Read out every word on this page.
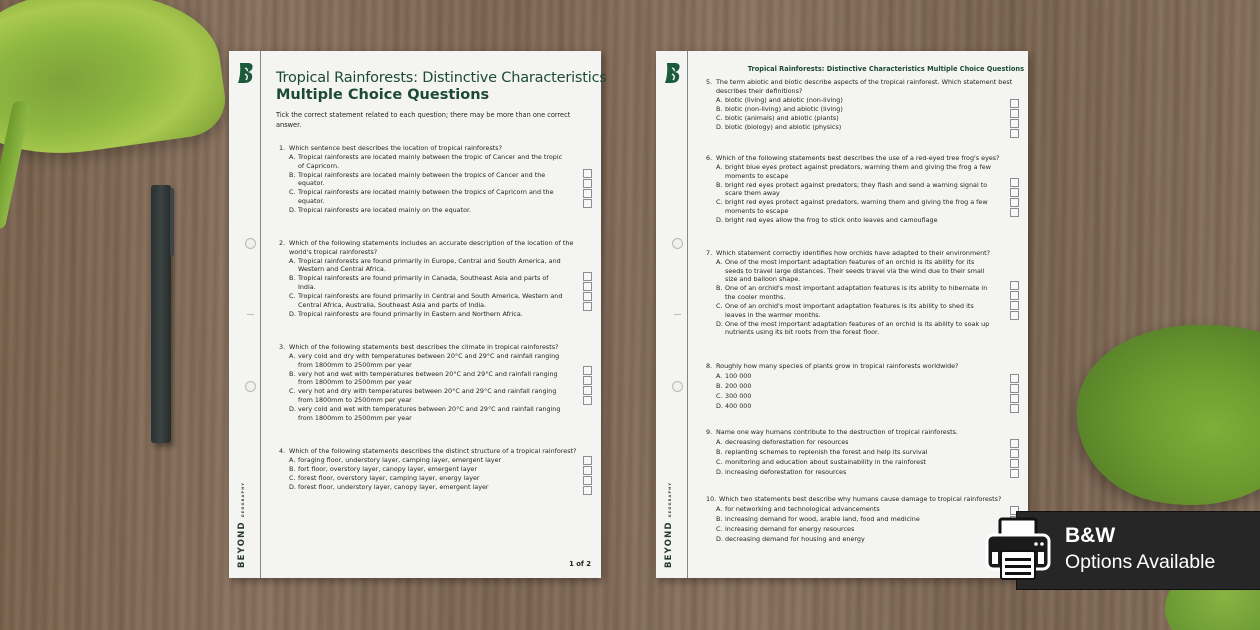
BEYONDGEOGRAPHY
Tropical Rainforests: Distinctive Characteristics
Multiple Choice Questions
Tick the correct statement related to each question; there may be more than one correct answer.
1. Which sentence best describes the location of tropical rainforests?
A. Tropical rainforests are located mainly between the tropic of Cancer and the tropic of Capricorn.
B. Tropical rainforests are located mainly between the tropics of Cancer and the equator.
C. Tropical rainforests are located mainly between the tropics of Capricorn and the equator.
D. Tropical rainforests are located mainly on the equator.
2. Which of the following statements includes an accurate description of the location of the world's tropical rainforests?
A. Tropical rainforests are found primarily in Europe, Central and South America, and Western and Central Africa.
B. Tropical rainforests are found primarily in Canada, Southeast Asia and parts of India.
C. Tropical rainforests are found primarily in Central and South America, Western and Central Africa, Australia, Southeast Asia and parts of India.
D. Tropical rainforests are found primarily in Eastern and Northern Africa.
3. Which of the following statements best describes the climate in tropical rainforests?
A. very cold and dry with temperatures between 20°C and 29°C and rainfall ranging from 1800mm to 2500mm per year
B. very hot and wet with temperatures between 20°C and 29°C and rainfall ranging from 1800mm to 2500mm per year
C. very hot and dry with temperatures between 20°C and 29°C and rainfall ranging from 1800mm to 2500mm per year
D. very cold and wet with temperatures between 20°C and 29°C and rainfall ranging from 1800mm to 2500mm per year
4. Which of the following statements describes the distinct structure of a tropical rainforest?
A. foraging floor, understory layer, camping layer, emergent layer
B. fort floor, overstory layer, canopy layer, emergent layer
C. forest floor, overstory layer, camping layer, energy layer
D. forest floor, understory layer, canopy layer, emergent layer
1 of 2	BEYONDGEOGRAPHY
Tropical Rainforests: Distinctive Characteristics Multiple Choice Questions
5. The term abiotic and biotic describe aspects of the tropical rainforest. Which statement best describes their definitions?
A. biotic (living) and abiotic (non-living)
B. biotic (non-living) and abiotic (living)
C. biotic (animals) and abiotic (plants)
D. biotic (biology) and abiotic (physics)
6. Which of the following statements best describes the use of a red-eyed tree frog's eyes?
A. bright blue eyes protect against predators, warning them and giving the frog a few moments to escape
B. bright red eyes protect against predators; they flash and send a warning signal to scare them away
C. bright red eyes protect against predators, warning them and giving the frog a few moments to escape
D. bright red eyes allow the frog to stick onto leaves and camouflage
7. Which statement correctly identifies how orchids have adapted to their environment?
A. One of the most important adaptation features of an orchid is its ability for its seeds to travel large distances. Their seeds travel via the wind due to their small size and balloon shape.
B. One of an orchid's most important adaptation features is its ability to hibernate in the cooler months.
C. One of an orchid's most important adaptation features is its ability to shed its leaves in the warmer months.
D. One of the most important adaptation features of an orchid is its ability to soak up nutrients using its bit roots from the forest floor.
8. Roughly how many species of plants grow in tropical rainforests worldwide?
A. 100 000
B. 200 000
C. 300 000
D. 400 000
9. Name one way humans contribute to the destruction of tropical rainforests.
A. decreasing deforestation for resources
B. replanting schemes to replenish the forest and help its survival
C. monitoring and education about sustainability in the rainforest
D. increasing deforestation for resources
10. Which two statements best describe why humans cause damage to tropical rainforests?
A. for networking and technological advancements
B. increasing demand for wood, arable land, food and medicine
C. increasing demand for energy resources
D. decreasing demand for housing and energy	B&W
Options Available
